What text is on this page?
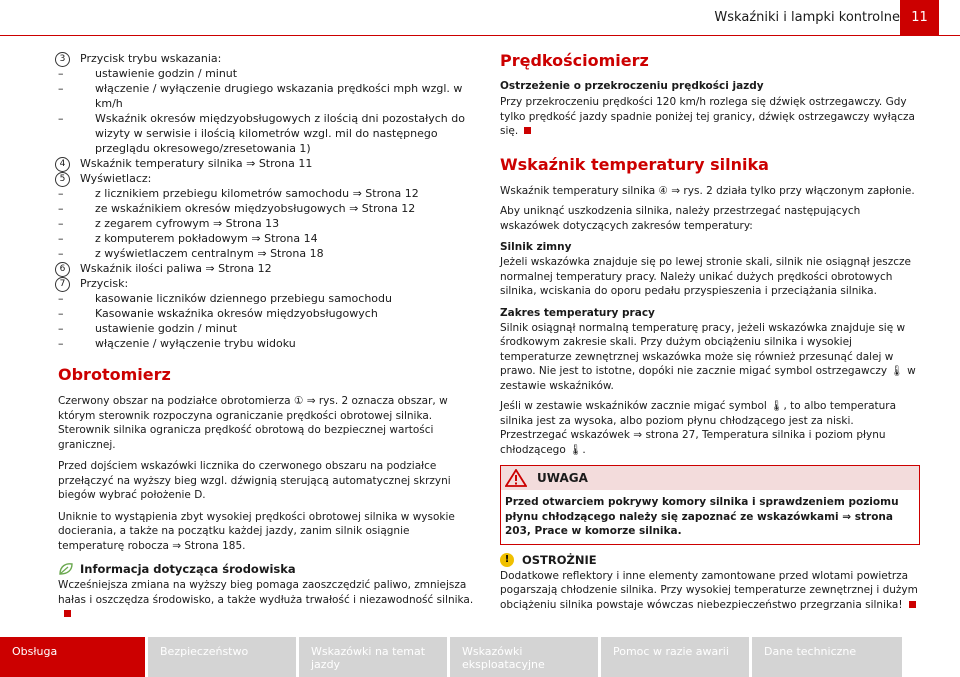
Wskaźniki i lampki kontrolne 11
3	Przycisk trybu wskazania:
– ustawienie godzin / minut
– włączenie / wyłączenie drugiego wskazania prędkości mph wzgl. w km/h
– Wskaźnik okresów międzyobsługowych z ilością dni pozostałych do wizyty w serwisie i ilością kilometrów wzgl. mil do następnego przeglądu okresowego/zresetowania 1)
4	Wskaźnik temperatury silnika ⇒ Strona 11
5	Wyświetlacz:
– z licznikiem przebiegu kilometrów samochodu ⇒ Strona 12
– ze wskaźnikiem okresów międzyobsługowych ⇒ Strona 12
– z zegarem cyfrowym ⇒ Strona 13
– z komputerem pokładowym ⇒ Strona 14
– z wyświetlaczem centralnym ⇒ Strona 18
6	Wskaźnik ilości paliwa ⇒ Strona 12
7	Przycisk:
– kasowanie liczników dziennego przebiegu samochodu
– Kasowanie wskaźnika okresów międzyobsługowych
– ustawienie godzin / minut
– włączenie / wyłączenie trybu widoku
Obrotomierz

Czerwony obszar na podziałce obrotomierza ① ⇒ rys. 2 oznacza obszar, w którym sterownik rozpoczyna ograniczanie prędkości obrotowej silnika. Sterownik silnika ogranicza prędkość obrotową do bezpiecznej wartości granicznej.

Przed dojściem wskazówki licznika do czerwonego obszaru na podziałce przełączyć na wyższy bieg wzgl. dźwignią sterującą automatycznej skrzyni biegów wybrać położenie D.

Uniknie to wystąpienia zbyt wysokiej prędkości obrotowej silnika w wysokie docierania, a także na początku każdej jazdy, zanim silnik osiągnie temperaturę robocza ⇒ Strona 185.

Informacja dotycząca środowiska

Wcześniejsza zmiana na wyższy bieg pomaga zaoszczędzić paliwo, zmniejsza hałas i oszczędza środowisko, a także wydłuża trwałość i niezawodność silnika.

Prędkościomierz
Ostrzeżenie o przekroczeniu prędkości jazdy

Przy przekroczeniu prędkości 120 km/h rozlega się dźwięk ostrzegawczy. Gdy tylko prędkość jazdy spadnie poniżej tej granicy, dźwięk ostrzegawczy wyłącza się.

Wskaźnik temperatury silnika

Wskaźnik temperatury silnika ④ ⇒ rys. 2 działa tylko przy włączonym zapłonie.

Aby uniknąć uszkodzenia silnika, należy przestrzegać następujących wskazówek dotyczących zakresów temperatury:

Silnik zimny

Jeżeli wskazówka znajduje się po lewej stronie skali, silnik nie osiągnął jeszcze normalnej temperatury pracy. Należy unikać dużych prędkości obrotowych silnika, wciskania do oporu pedału przyspieszenia i przeciążania silnika.

Zakres temperatury pracy

Silnik osiągnął normalną temperaturę pracy, jeżeli wskazówka znajduje się w środkowym zakresie skali. Przy dużym obciążeniu silnika i wysokiej temperaturze zewnętrznej wskazówka może się również przesunąć dalej w prawo. Nie jest to istotne, dopóki nie zacznie migać symbol ostrzegawczy 🌡 w zestawie wskaźników.

Jeśli w zestawie wskaźników zacznie migać symbol 🌡, to albo temperatura silnika jest za wysoka, albo poziom płynu chłodzącego jest za niski. Przestrzegać wskazówek ⇒ strona 27, Temperatura silnika i poziom płynu chłodzącego 🌡.

UWAGA

Przed otwarciem pokrywy komory silnika i sprawdzeniem poziomu płynu chłodzącego należy się zapoznać ze wskazówkami ⇒ strona 203, Prace w komorze silnika.

!	OSTROŻNIE

Dodatkowe reflektory i inne elementy zamontowane przed wlotami powietrza pogarszają chłodzenie silnika. Przy wysokiej temperaturze zewnętrznej i dużym obciążeniu silnika powstaje wówczas niebezpieczeństwo przegrzania silnika!

Obsługa	Bezpieczeństwo	Wskazówki na temat jazdy
Wskazówki eksploatacyjne
Pomoc w razie awarii	Dane techniczne
